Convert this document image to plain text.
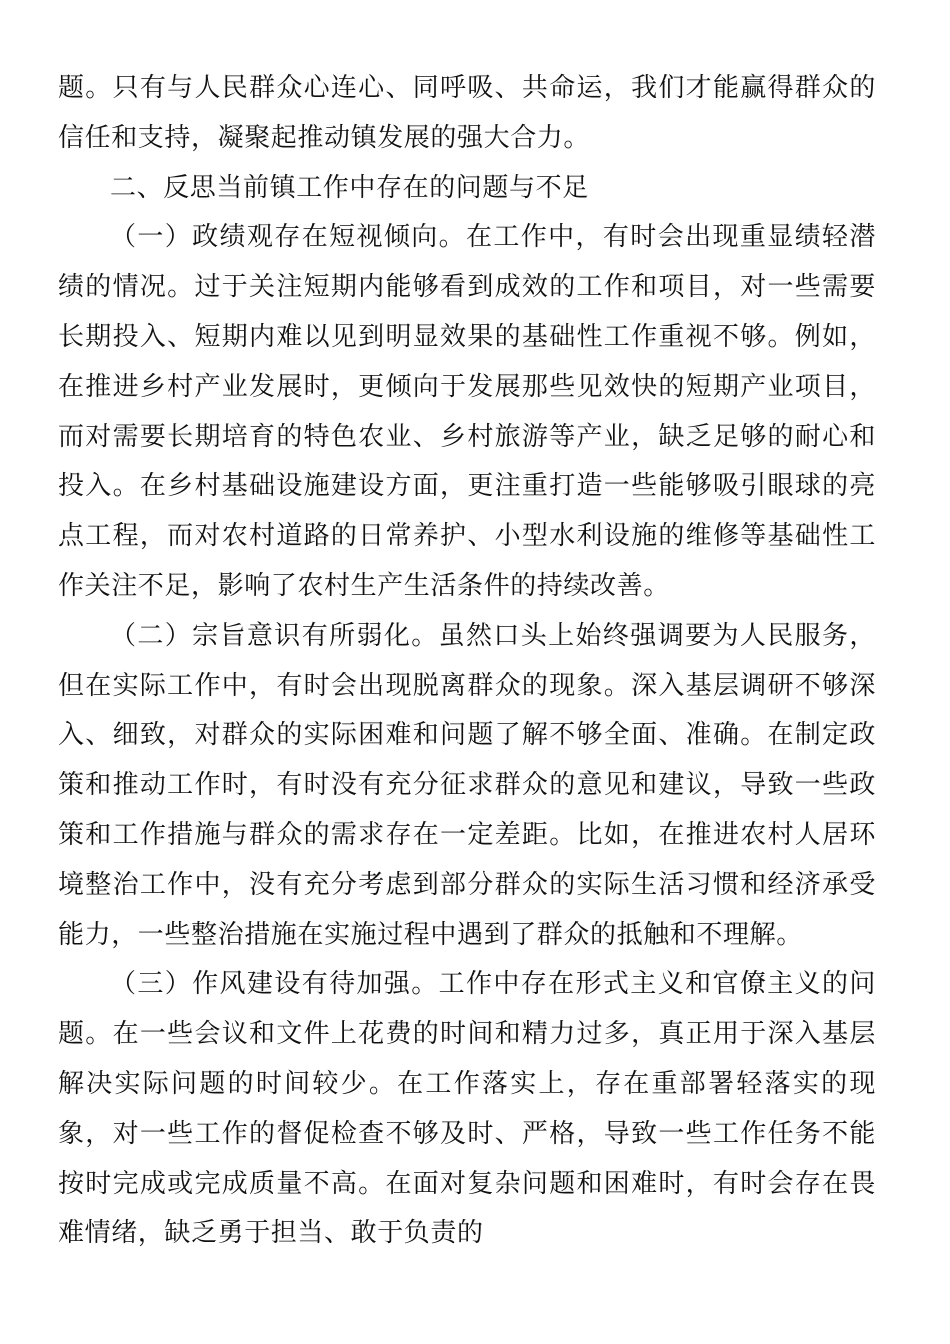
题。只有与人民群众心连心、同呼吸、共命运，我们才能赢得群众的信任和支持，凝聚起推动镇发展的强大合力。

二、反思当前镇工作中存在的问题与不足

（一）政绩观存在短视倾向。在工作中，有时会出现重显绩轻潜绩的情况。过于关注短期内能够看到成效的工作和项目，对一些需要长期投入、短期内难以见到明显效果的基础性工作重视不够。例如，在推进乡村产业发展时，更倾向于发展那些见效快的短期产业项目，而对需要长期培育的特色农业、乡村旅游等产业，缺乏足够的耐心和投入。在乡村基础设施建设方面，更注重打造一些能够吸引眼球的亮点工程，而对农村道路的日常养护、小型水利设施的维修等基础性工作关注不足，影响了农村生产生活条件的持续改善。

（二）宗旨意识有所弱化。虽然口头上始终强调要为人民服务，但在实际工作中，有时会出现脱离群众的现象。深入基层调研不够深入、细致，对群众的实际困难和问题了解不够全面、准确。在制定政策和推动工作时，有时没有充分征求群众的意见和建议，导致一些政策和工作措施与群众的需求存在一定差距。比如，在推进农村人居环境整治工作中，没有充分考虑到部分群众的实际生活习惯和经济承受能力，一些整治措施在实施过程中遇到了群众的抵触和不理解。

（三）作风建设有待加强。工作中存在形式主义和官僚主义的问题。在一些会议和文件上花费的时间和精力过多，真正用于深入基层解决实际问题的时间较少。在工作落实上，存在重部署轻落实的现象，对一些工作的督促检查不够及时、严格，导致一些工作任务不能按时完成或完成质量不高。在面对复杂问题和困难时，有时会存在畏难情绪，缺乏勇于担当、敢于负责的
